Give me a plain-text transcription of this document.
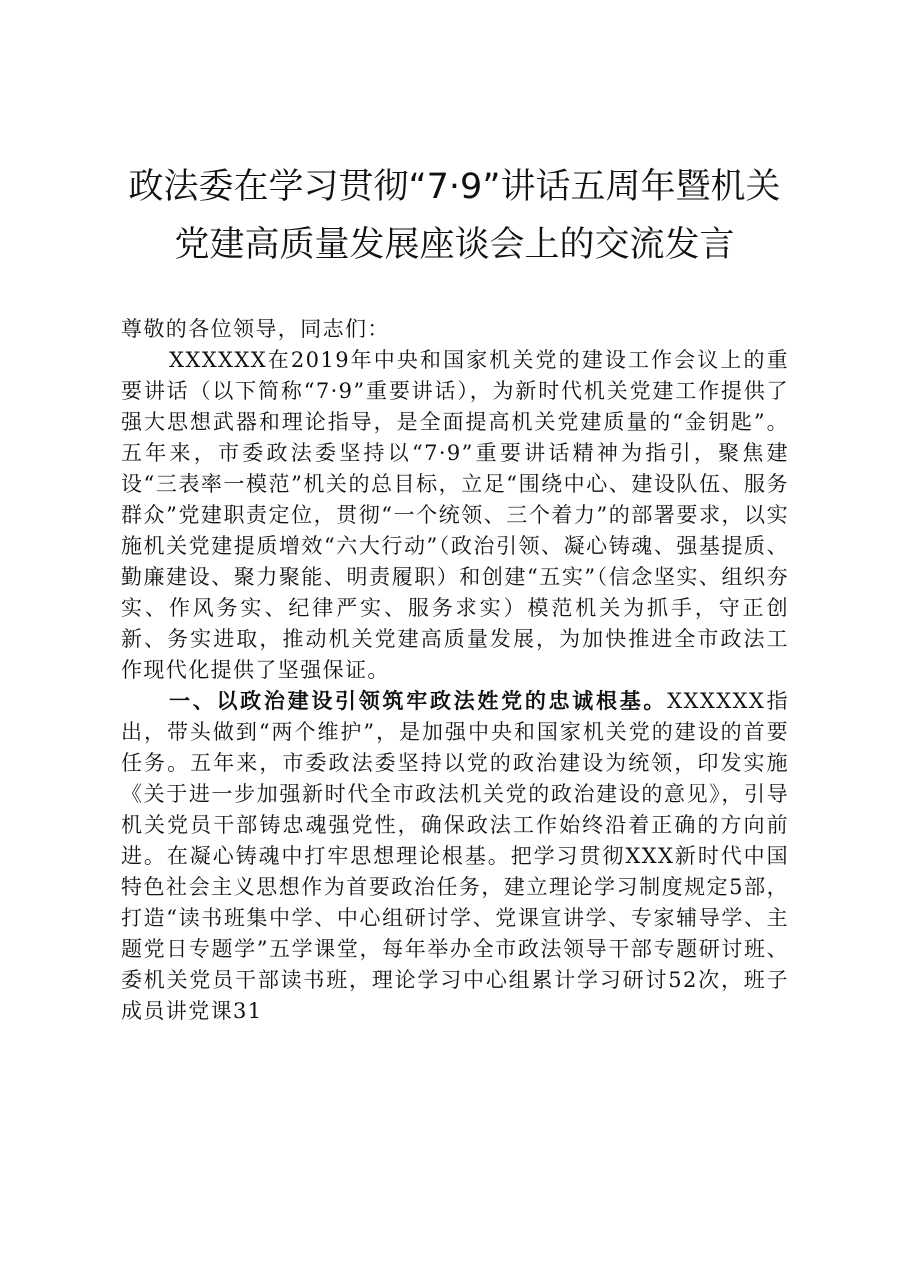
政法委在学习贯彻“7·9”讲话五周年暨机关
党建高质量发展座谈会上的交流发言

尊敬的各位领导，同志们：

XXXXXX在2019年中央和国家机关党的建设工作会议上的重要讲话（以下简称“7·9”重要讲话），为新时代机关党建工作提供了强大思想武器和理论指导，是全面提高机关党建质量的“金钥匙”。五年来，市委政法委坚持以“7·9”重要讲话精神为指引，聚焦建设“三表率一模范”机关的总目标，立足“围绕中心、建设队伍、服务群众”党建职责定位，贯彻“一个统领、三个着力”的部署要求，以实施机关党建提质增效“六大行动”（政治引领、凝心铸魂、强基提质、勤廉建设、聚力聚能、明责履职）和创建“五实”（信念坚实、组织夯实、作风务实、纪律严实、服务求实）模范机关为抓手，守正创新、务实进取，推动机关党建高质量发展，为加快推进全市政法工作现代化提供了坚强保证。

一、以政治建设引领筑牢政法姓党的忠诚根基。XXXXXX指出，带头做到“两个维护”，是加强中央和国家机关党的建设的首要任务。五年来，市委政法委坚持以党的政治建设为统领，印发实施《关于进一步加强新时代全市政法机关党的政治建设的意见》，引导机关党员干部铸忠魂强党性，确保政法工作始终沿着正确的方向前进。在凝心铸魂中打牢思想理论根基。把学习贯彻XXX新时代中国特色社会主义思想作为首要政治任务，建立理论学习制度规定5部，打造“读书班集中学、中心组研讨学、党课宣讲学、专家辅导学、主题党日专题学”五学课堂，每年举办全市政法领导干部专题研讨班、委机关党员干部读书班，理论学习中心组累计学习研讨52次，班子成员讲党课31
